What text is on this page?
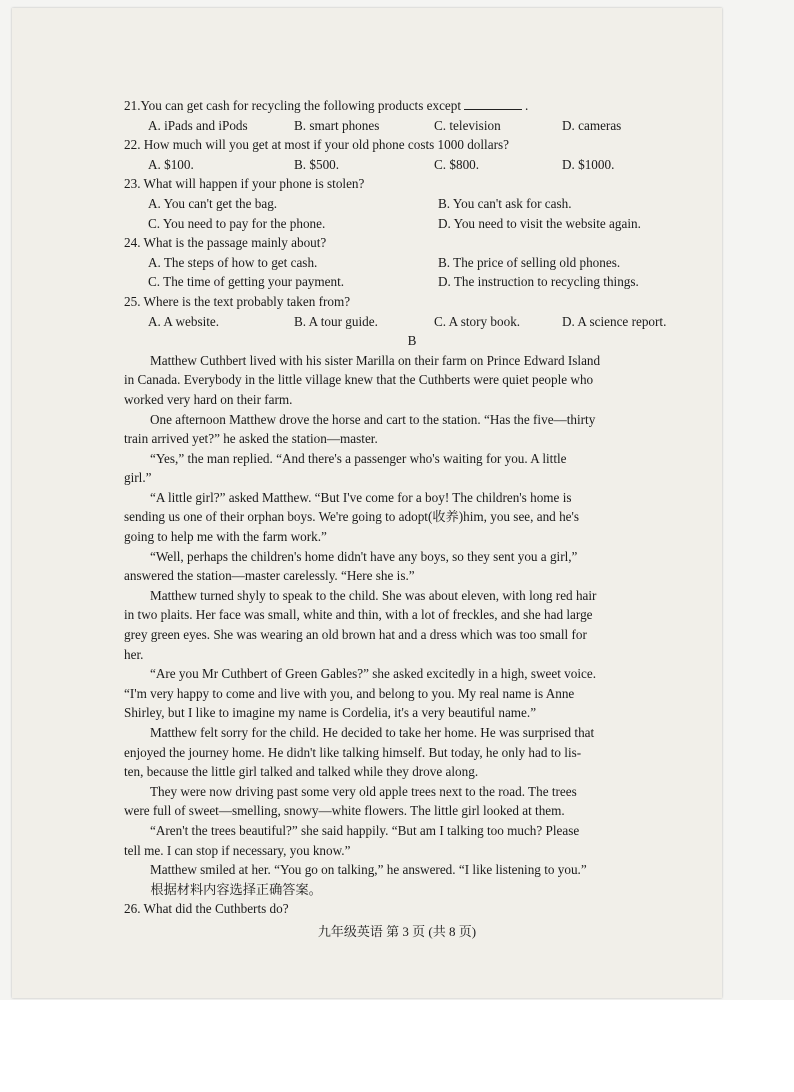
21.You can get cash for recycling the following products except	.

A. iPads and iPods	B. smart phones	C. television	D. cameras

22. How much will you get at most if your old phone costs 1000 dollars?

A. $100.	B. $500.	C. $800.	D. $1000.

23. What will happen if your phone is stolen?

A. You can't get the bag.	B. You can't ask for cash.

C. You need to pay for the phone.	D. You need to visit the website again.

24. What is the passage mainly about?

A. The steps of how to get cash.	B. The price of selling old phones.

C. The time of getting your payment.	D. The instruction to recycling things.

25. Where is the text probably taken from?

A. A website.	B. A tour guide.	C. A story book.	D. A science report.

B

Matthew Cuthbert lived with his sister Marilla on their farm on Prince Edward Island

in Canada. Everybody in the little village knew that the Cuthberts were quiet people who

worked very hard on their farm.

One afternoon Matthew drove the horse and cart to the station. “Has the five—thirty

train arrived yet?” he asked the station—master.

“Yes,” the man replied. “And there's a passenger who's waiting for you. A little

girl.”

“A little girl?” asked Matthew. “But I've come for a boy! The children's home is

sending us one of their orphan boys. We're going to adopt(收养)him, you see, and he's

going to help me with the farm work.”

“Well, perhaps the children's home didn't have any boys, so they sent you a girl,”

answered the station—master carelessly. “Here she is.”

Matthew turned shyly to speak to the child. She was about eleven, with long red hair

in two plaits. Her face was small, white and thin, with a lot of freckles, and she had large

grey green eyes. She was wearing an old brown hat and a dress which was too small for

her.

“Are you Mr Cuthbert of Green Gables?” she asked excitedly in a high, sweet voice.

“I'm very happy to come and live with you, and belong to you. My real name is Anne

Shirley, but I like to imagine my name is Cordelia, it's a very beautiful name.”

Matthew felt sorry for the child. He decided to take her home. He was surprised that

enjoyed the journey home. He didn't like talking himself. But today, he only had to lis-

ten, because the little girl talked and talked while they drove along.

They were now driving past some very old apple trees next to the road. The trees

were full of sweet—smelling, snowy—white flowers. The little girl looked at them.

“Aren't the trees beautiful?” she said happily. “But am I talking too much? Please

tell me. I can stop if necessary, you know.”

Matthew smiled at her. “You go on talking,” he answered. “I like listening to you.”

根据材料内容选择正确答案。

26. What did the Cuthberts do?

九年级英语 第 3 页 (共 8 页)
